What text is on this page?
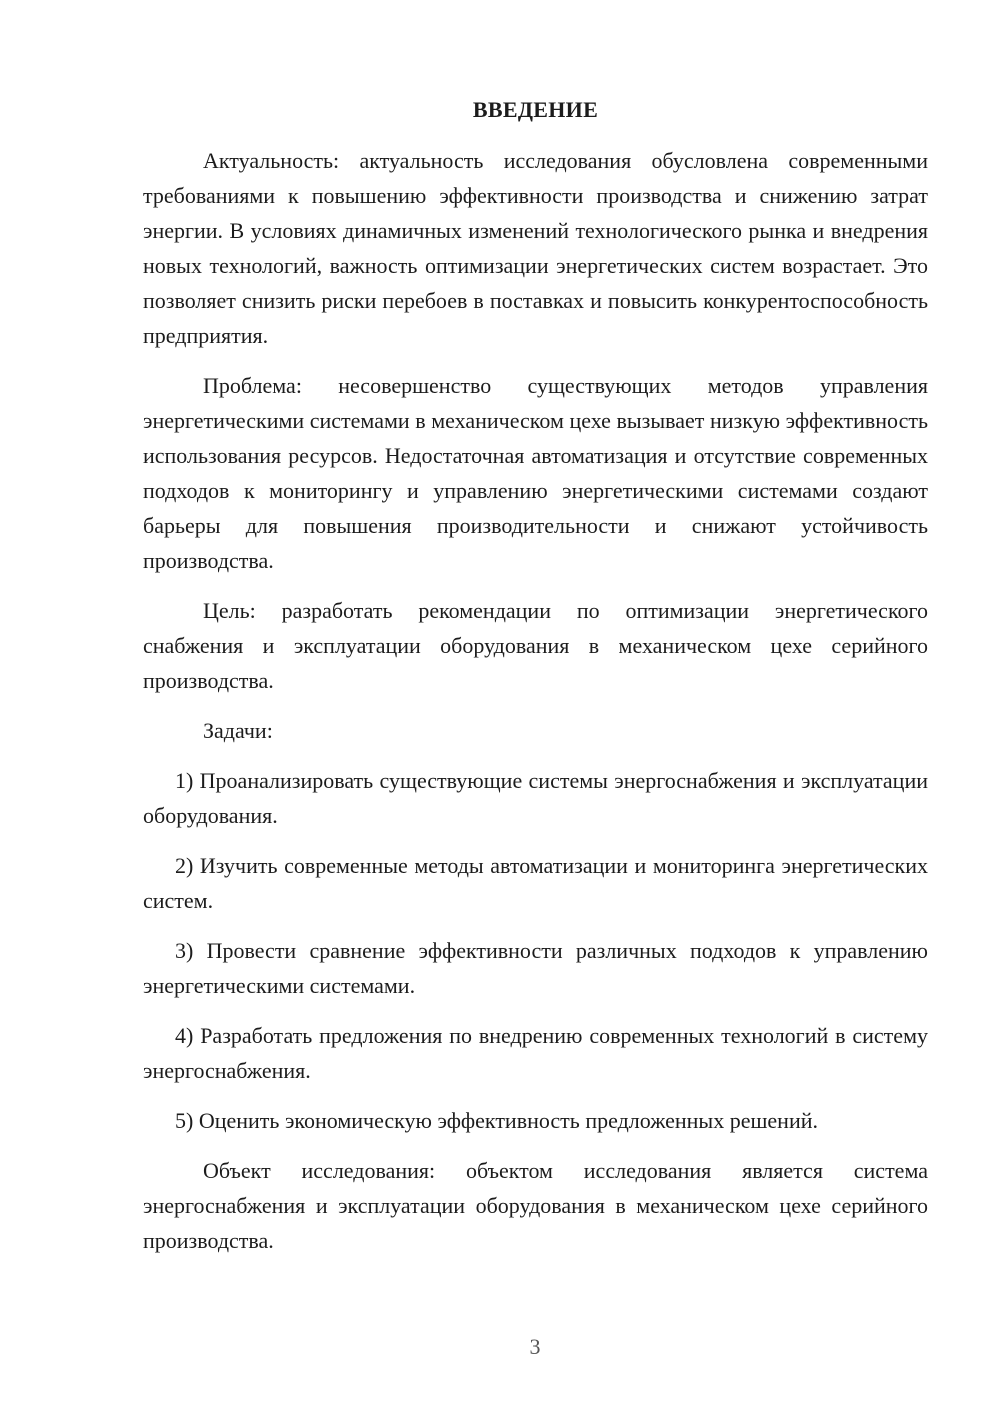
ВВЕДЕНИЕ

Актуальность: актуальность исследования обусловлена современными требованиями к повышению эффективности производства и снижению затрат энергии. В условиях динамичных изменений технологического рынка и внедрения новых технологий, важность оптимизации энергетических систем возрастает. Это позволяет снизить риски перебоев в поставках и повысить конкурентоспособность предприятия.

Проблема: несовершенство существующих методов управления энергетическими системами в механическом цехе вызывает низкую эффективность использования ресурсов. Недостаточная автоматизация и отсутствие современных подходов к мониторингу и управлению энергетическими системами создают барьеры для повышения производительности и снижают устойчивость производства.

Цель: разработать рекомендации по оптимизации энергетического снабжения и эксплуатации оборудования в механическом цехе серийного производства.

Задачи:

1) Проанализировать существующие системы энергоснабжения и эксплуатации оборудования.

2) Изучить современные методы автоматизации и мониторинга энергетических систем.

3) Провести сравнение эффективности различных подходов к управлению энергетическими системами.

4) Разработать предложения по внедрению современных технологий в систему энергоснабжения.

5) Оценить экономическую эффективность предложенных решений.

Объект исследования: объектом исследования является система энергоснабжения и эксплуатации оборудования в механическом цехе серийного производства.

3
